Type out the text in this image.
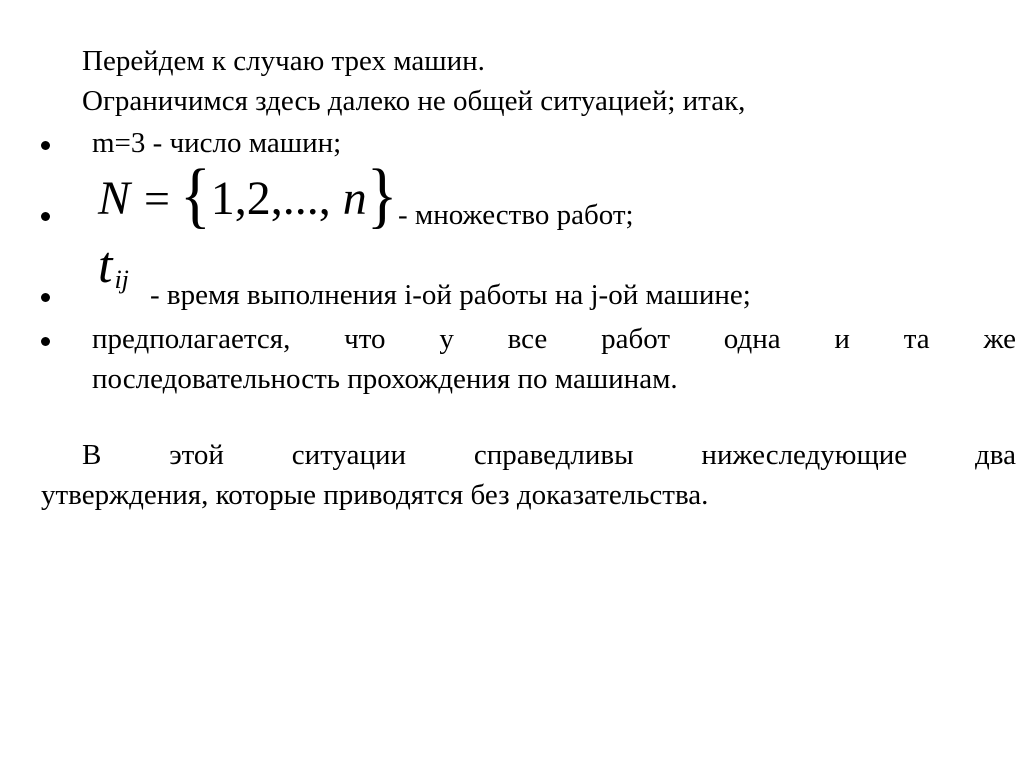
Перейдем к случаю трех машин.
Ограничимся здесь далеко не общей ситуацией; итак,
m=3 - число машин;
N = {1,2,..., n} - множество работ;
tij - время выполнения i-ой работы на j-ой машине;
предполагается, что у все работ одна и та же
последовательность прохождения по машинам.
В этой ситуации справедливы нижеследующие два
утверждения, которые приводятся без доказательства.
